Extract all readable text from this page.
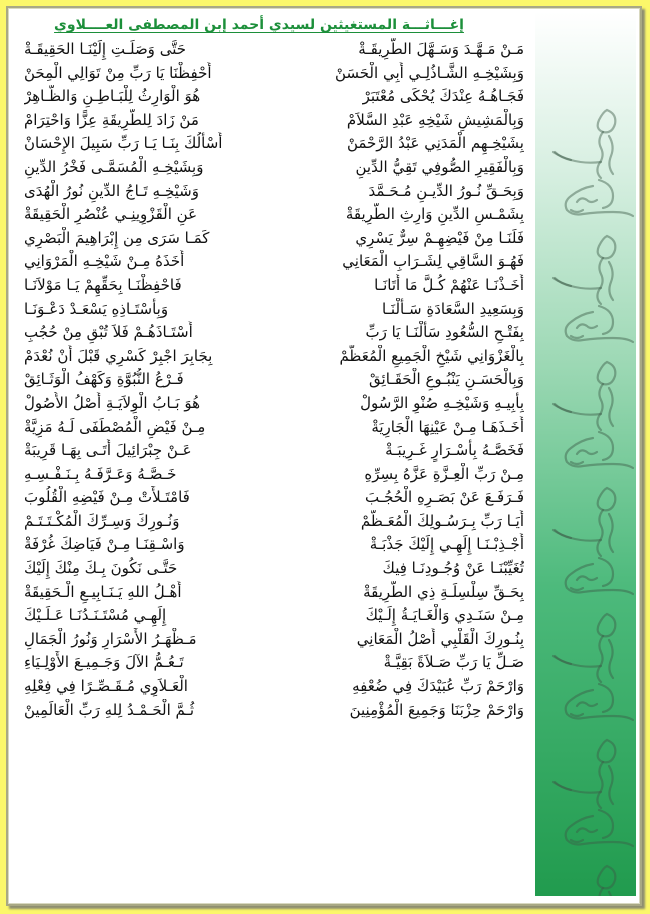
إغـــاثـــة المستغيثين لسيدي أحمد إبن المصطفى العــــلاوي
مَـنْ مَـهَّـدَ وَسَـهَّلَ الطَّرِيقَـةْ
حَتَّى وَصَلَـتِ إِلَيْنَـا الحَقِيقَـةْ
وَبِشَيْخِـهِ الشَّـاذُلِـي أَبِي الْحَسَنْ
أَحْفِظْنَا يَا رَبِّ مِنْ تَوَالِي الْمِحَنْ
فَجَـاهُـهُ عِنْدَكَ يُحْكَى مُعْتَبَرْ
هُوَ الْوَارِثُ لِلْبَـاطِـنِ وَالظَّـاهِرْ
وَبِالْمَشِيشِ شَيْخِهِ عَبْدِ السَّلاَمْ
مَنْ زَادَ لِلطَّرِيقَةِ عِزًّا وَاحْتِرَامْ
بِشَيْخِـهِم الْمَدَنِي عَبْدُ الرَّحْمَنْ
أَسْأَلُكَ بِنَـا يَـا رَبِّ سَبِيلَ الإِحْسَانْ
وَبِالْفَقِيرِ الصُّوفِي تَقِيُّ الدِّينِ
وَبِشَيْخِـهِ الْمُسَمَّـى فَخْرُ الدِّينِ
وَبِحَـقِّ نُـورُ الدِّيـنِ مُـحَـمَّدَ
وَشَيْخِـهِ تَـاجُ الدِّينِ نُورُ الْهُدَى
بِشَمْـسِ الدِّينِ وَارِثِ الطَّرِيقَةْ
عَنِ الْقَزْوِينِـي عُنْصُرِ الْحَقِيقَةْ
فَلَنَـا مِنْ فَيْضِهِـمْ سِرٌّ يَسْرِي
كَمَـا سَرَى مِن إِبْرَاهِيمَ الْبَصْرِي
فَهُـوَ السَّاقِي لِشَـرَابِ الْمَعَانِي
أَخَذَهُ مِـنْ شَيْخِـهِ الْمَرْوَانِي
أَخَـذْنَـا عَنْهُمْ كُـلَّ مَا أَتَانَـا
فَاحْفِظْنَـا بِحَقِّهِمْ يَـا مَوْلاَنَـا
وَبِسَعِيدِ السَّعَادَةِ سَـأَلْنَـا
وَبِأُسْتَـاذِهِ يَسْعَـدْ دَعْـوَنَـا
بِفَتْـحِ السُّعُودِ سَأَلْنَـا يَا رَبِّ
أُسْتَـاذَهُـمْ فَلاَ تُبْقِ مِنْ حُجُبِ
بِالْغَزْوَانِي شَيْخِ الْجَمِيعِ الْمُعَظَّمْ
بِجَابِرَ اجْبِرْ كَسْرِي قَبْلَ أَنْ نُعْدَمْ
وَبِالْحَسَـنِ يَنْبُـوعِ الْحَقَـائِقْ
فَـرْعُ النُّبُوَّةِ وَكَهْفُ الْوَثَـائِقْ
بِأَبِيـهِ وَشَيْخِـهِ صُنْوِ الرَّسُولْ
هُوَ بَـابُ الْوِلاَيَـةِ أَصْلُ الأُصُولْ
أَخَـذَهَـا مِـنْ عَيْنِهَا الْجَارِيَةْ
مِـنْ فَيْضِ الْمُصْطَفَى لَـهُ مَزِيَّةْ
فَخَصَّـهُ بِأَسْـرَارٍ غَـرِيبَـةْ
عَـنْ جِبْرَائِيلَ أَتَـى بِهَـا قَرِيبَةْ
مِـنْ رَبِّ الْعِـزَّةِ عَزَّهُ بِسِرِّهِ
خَـصَّـهُ وَعَـرَّفَـهُ بِـنَـفْـسِـهِ
فَـرَفَـعَ عَنْ بَصَـرِهِ الْحُجُـبَ
فَامْتَـلأَتْ مِـنْ فَيْضِهِ الْقُلُوبَ
أَيَـا رَبِّ بِـرَسُـولِكَ الْمُعَـظَّمْ
وَنُـورِكَ وَسِـرِّكَ الْمُكْـتَـتَـمْ
أَجْـذِبْـنَـا إِلَهِـي إِلَيْكَ جَذْبَـةْ
وَاسْـقِنَـا مِـنْ فَيَاضِكَ غُرْفَةْ
تُغَيِّبْنَـا عَنْ وُجُـودِنَـا فِيكَ
حَتَّـى نَكُونَ بِـكَ مِنْكَ إِلَيْكَ
بِحَـقِّ سِلْسِلَـةِ ذِي الطَّرِيقَةْ
أَهْـلُ اللهِ يَـنَـابِيـعِ الْـحَقِيقَةْ
مِـنْ سَنَـدِي وَالْغَـايَـةُ إِلَـيْكَ
إِلَهِـي مُسْتَـنَـدُنَـا عَـلَـيْكَ
بِنُـورِكَ الْقَلْبِي أَصْلُ الْمَعَانِي
مَـظْهَـرُ الأَسْرَارِ وَنُورُ الْجَمَالِ
صَـلِّ يَا رَبِّ صَـلاَةً بَقِيَّـةْ
تَـعُـمُّ الآلَ وَجَـمِيـعَ الأَوْلِـيَاءِ
وَارْحَمْ رَبِّ عُبَيْدَكَ فِي ضُعْفِهِ
الْعَـلاَوِي مُـقَـصِّـرًا فِي فِعْلِهِ
وَارْحَمْ حِزْبَنَا وَجَمِيعَ الْمُؤْمِنِينَ
ثُـمَّ الْحَـمْـدُ لِلهِ رَبِّ الْعَالَمِينْ
